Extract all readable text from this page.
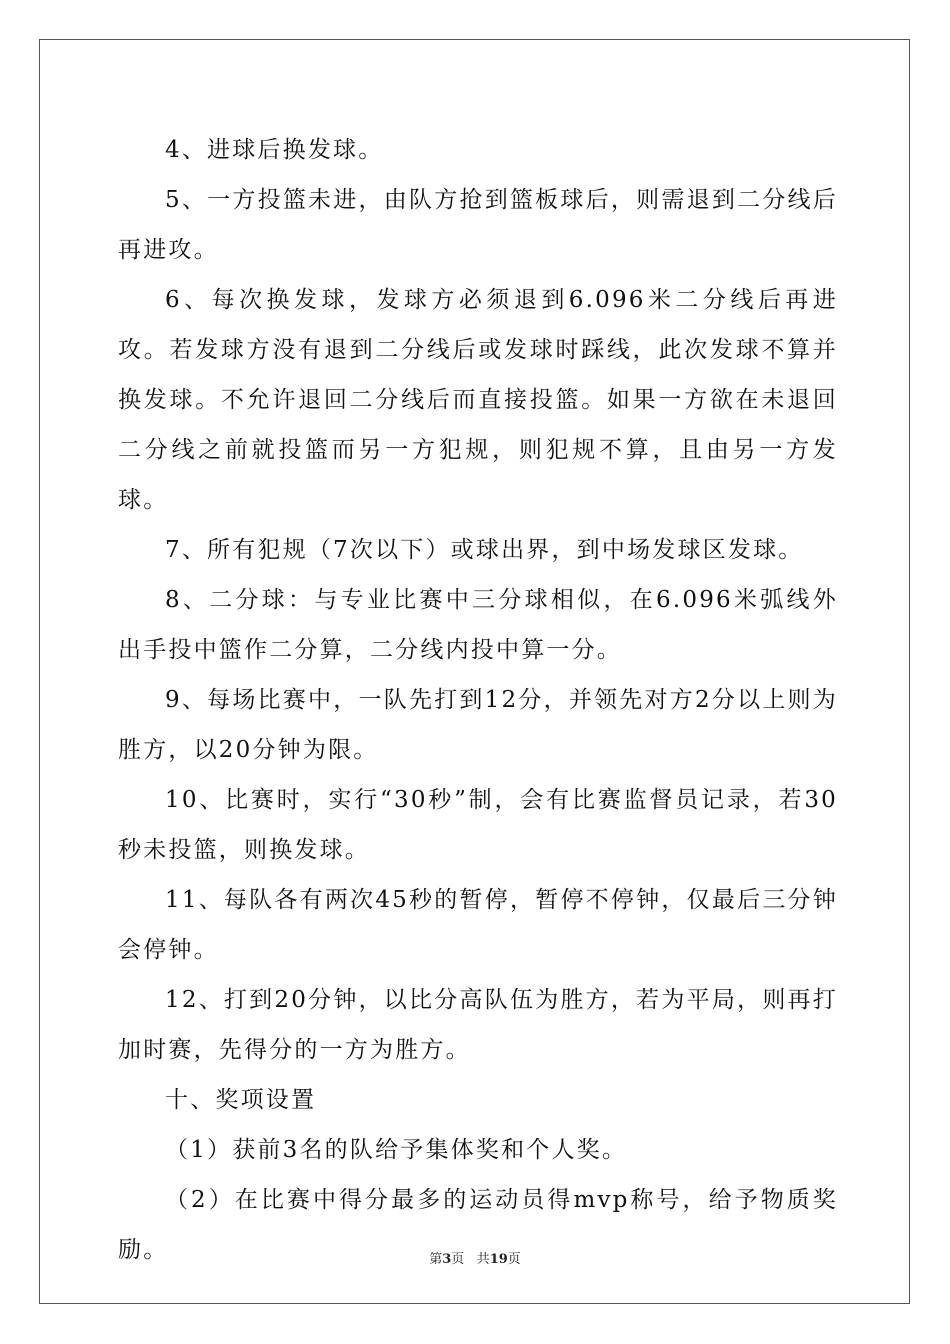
4、进球后换发球。

5、一方投篮未进，由队方抢到篮板球后，则需退到二分线后再进攻。

6、每次换发球，发球方必须退到6.096米二分线后再进攻。若发球方没有退到二分线后或发球时踩线，此次发球不算并换发球。不允许退回二分线后而直接投篮。如果一方欲在未退回二分线之前就投篮而另一方犯规，则犯规不算，且由另一方发球。

7、所有犯规（7次以下）或球出界，到中场发球区发球。

8、二分球：与专业比赛中三分球相似，在6.096米弧线外出手投中篮作二分算，二分线内投中算一分。

9、每场比赛中，一队先打到12分，并领先对方2分以上则为胜方，以20分钟为限。

10、比赛时，实行“30秒”制，会有比赛监督员记录，若30秒未投篮，则换发球。

11、每队各有两次45秒的暂停，暂停不停钟，仅最后三分钟会停钟。

12、打到20分钟，以比分高队伍为胜方，若为平局，则再打加时赛，先得分的一方为胜方。

十、奖项设置

（1）获前3名的队给予集体奖和个人奖。

（2）在比赛中得分最多的运动员得mvp称号，给予物质奖励。	第3页 共19页
